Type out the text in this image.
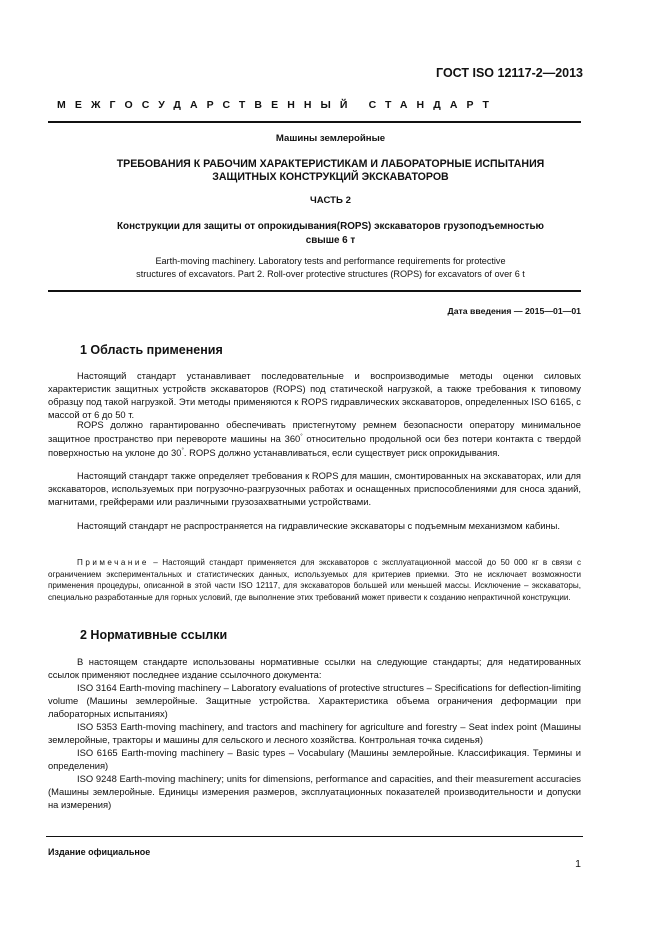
ГОСТ ISO 12117-2—2013
МЕЖГОСУДАРСТВЕННЫЙ СТАНДАРТ
Машины землеройные
ТРЕБОВАНИЯ К РАБОЧИМ ХАРАКТЕРИСТИКАМ И ЛАБОРАТОРНЫЕ ИСПЫТАНИЯ
ЗАЩИТНЫХ КОНСТРУКЦИЙ ЭКСКАВАТОРОВ
ЧАСТЬ 2
Конструкции для защиты от опрокидывания(ROPS) экскаваторов грузоподъемностью
свыше 6 т
Earth-moving machinery. Laboratory tests and performance requirements for protective
structures of excavators. Part 2. Roll-over protective structures (ROPS) for excavators of over 6 t
Дата введения — 2015—01—01
1 Область применения
Настоящий стандарт устанавливает последовательные и воспроизводимые методы оценки силовых характеристик защитных устройств экскаваторов (ROPS) под статической нагрузкой, а также требования к типовому образцу под такой нагрузкой. Эти методы применяются к ROPS гидравлических экскаваторов, определенных ISO 6165, с массой от 6 до 50 т.
ROPS должно гарантированно обеспечивать пристегнутому ремнем безопасности оператору минимальное защитное пространство при перевороте машины на 360° относительно продольной оси без потери контакта с твердой поверхностью на уклоне до 30°. ROPS должно устанавливаться, если существует риск опрокидывания.
Настоящий стандарт также определяет требования к ROPS для машин, смонтированных на экскаваторах, или для экскаваторов, используемых при погрузочно-разгрузочных работах и оснащенных приспособлениями для сноса зданий, магнитами, грейферами или различными грузозахватными устройствами.
Настоящий стандарт не распространяется на гидравлические экскаваторы с подъемным механизмом кабины.
Примечание – Настоящий стандарт применяется для экскаваторов с эксплуатационной массой до 50 000 кг в связи с ограничением экспериментальных и статистических данных, используемых для критериев приемки. Это не исключает возможности применения процедуры, описанной в этой части ISO 12117, для экскаваторов большей или меньшей массы. Исключение – экскаваторы, специально разработанные для горных условий, где выполнение этих требований может привести к созданию непрактичной конструкции.
2 Нормативные ссылки
В настоящем стандарте использованы нормативные ссылки на следующие стандарты; для недатированных ссылок применяют последнее издание ссылочного документа:

ISO 3164 Earth-moving machinery – Laboratory evaluations of protective structures – Specifications for deflection-limiting volume (Машины землеройные. Защитные устройства. Характеристика объема ограничения деформации при лабораторных испытаниях)

ISO 5353 Earth-moving machinery, and tractors and machinery for agriculture and forestry – Seat index point (Машины землеройные, тракторы и машины для сельского и лесного хозяйства. Контрольная точка сиденья)

ISO 6165 Earth-moving machinery – Basic types – Vocabulary (Машины землеройные. Классификация. Термины и определения)

ISO 9248 Earth-moving machinery; units for dimensions, performance and capacities, and their measurement accuracies (Машины землеройные. Единицы измерения размеров, эксплуатационных показателей производительности и допуски на измерения)

Издание официальное
1
